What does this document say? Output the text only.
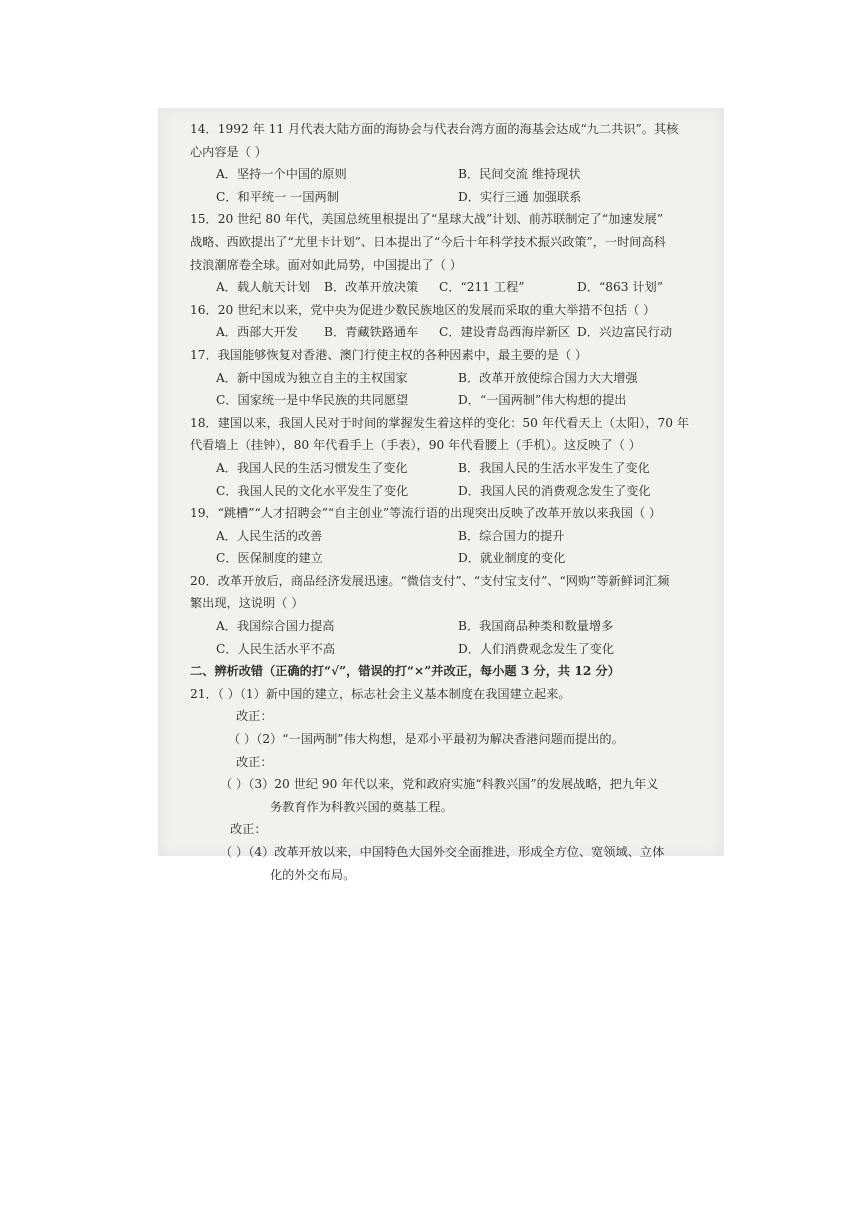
14．1992 年 11 月代表大陆方面的海协会与代表台湾方面的海基会达成“九二共识”。其核
心内容是（ ）
A．坚持一个中国的原则	B．民间交流 维持现状
C．和平统一 一国两制	D．实行三通 加强联系
15．20 世纪 80 年代，美国总统里根提出了“星球大战”计划、前苏联制定了“加速发展”
战略、西欧提出了“尤里卡计划”、日本提出了“今后十年科学技术振兴政策”，一时间高科
技浪潮席卷全球。面对如此局势，中国提出了（ ）
A．载人航天计划 B．改革开放决策 C．“211 工程”	D．“863 计划”
16．20 世纪末以来，党中央为促进少数民族地区的发展而采取的重大举措不包括（ ）
A．西部大开发 B．青藏铁路通车 C．建设青岛西海岸新区 D．兴边富民行动
17．我国能够恢复对香港、澳门行使主权的各种因素中，最主要的是（ ）
A．新中国成为独立自主的主权国家	B．改革开放使综合国力大大增强
C．国家统一是中华民族的共同愿望	D．“一国两制”伟大构想的提出
18．建国以来，我国人民对于时间的掌握发生着这样的变化：50 年代看天上（太阳），70 年
代看墙上（挂钟），80 年代看手上（手表），90 年代看腰上（手机）。这反映了（ ）
A．我国人民的生活习惯发生了变化	B．我国人民的生活水平发生了变化
C．我国人民的文化水平发生了变化	D．我国人民的消费观念发生了变化
19．“跳槽”“人才招聘会”“自主创业”等流行语的出现突出反映了改革开放以来我国（ ）
A．人民生活的改善	B．综合国力的提升
C．医保制度的建立	D．就业制度的变化
20．改革开放后，商品经济发展迅速。“微信支付”、“支付宝支付”、“网购”等新鲜词汇频
繁出现，这说明（ ）
A．我国综合国力提高	B．我国商品种类和数量增多
C．人民生活水平不高	D．人们消费观念发生了变化
二、辨析改错（正确的打“√”，错误的打“×”并改正，每小题 3 分，共 12 分）
21．（ ）（1）新中国的建立，标志社会主义基本制度在我国建立起来。
改正：
（ ）（2）“一国两制”伟大构想，是邓小平最初为解决香港问题而提出的。
改正：
（ ）（3）20 世纪 90 年代以来，党和政府实施“科教兴国”的发展战略，把九年义
务教育作为科教兴国的奠基工程。
改正：
（ ）（4）改革开放以来，中国特色大国外交全面推进，形成全方位、宽领域、立体
化的外交布局。
